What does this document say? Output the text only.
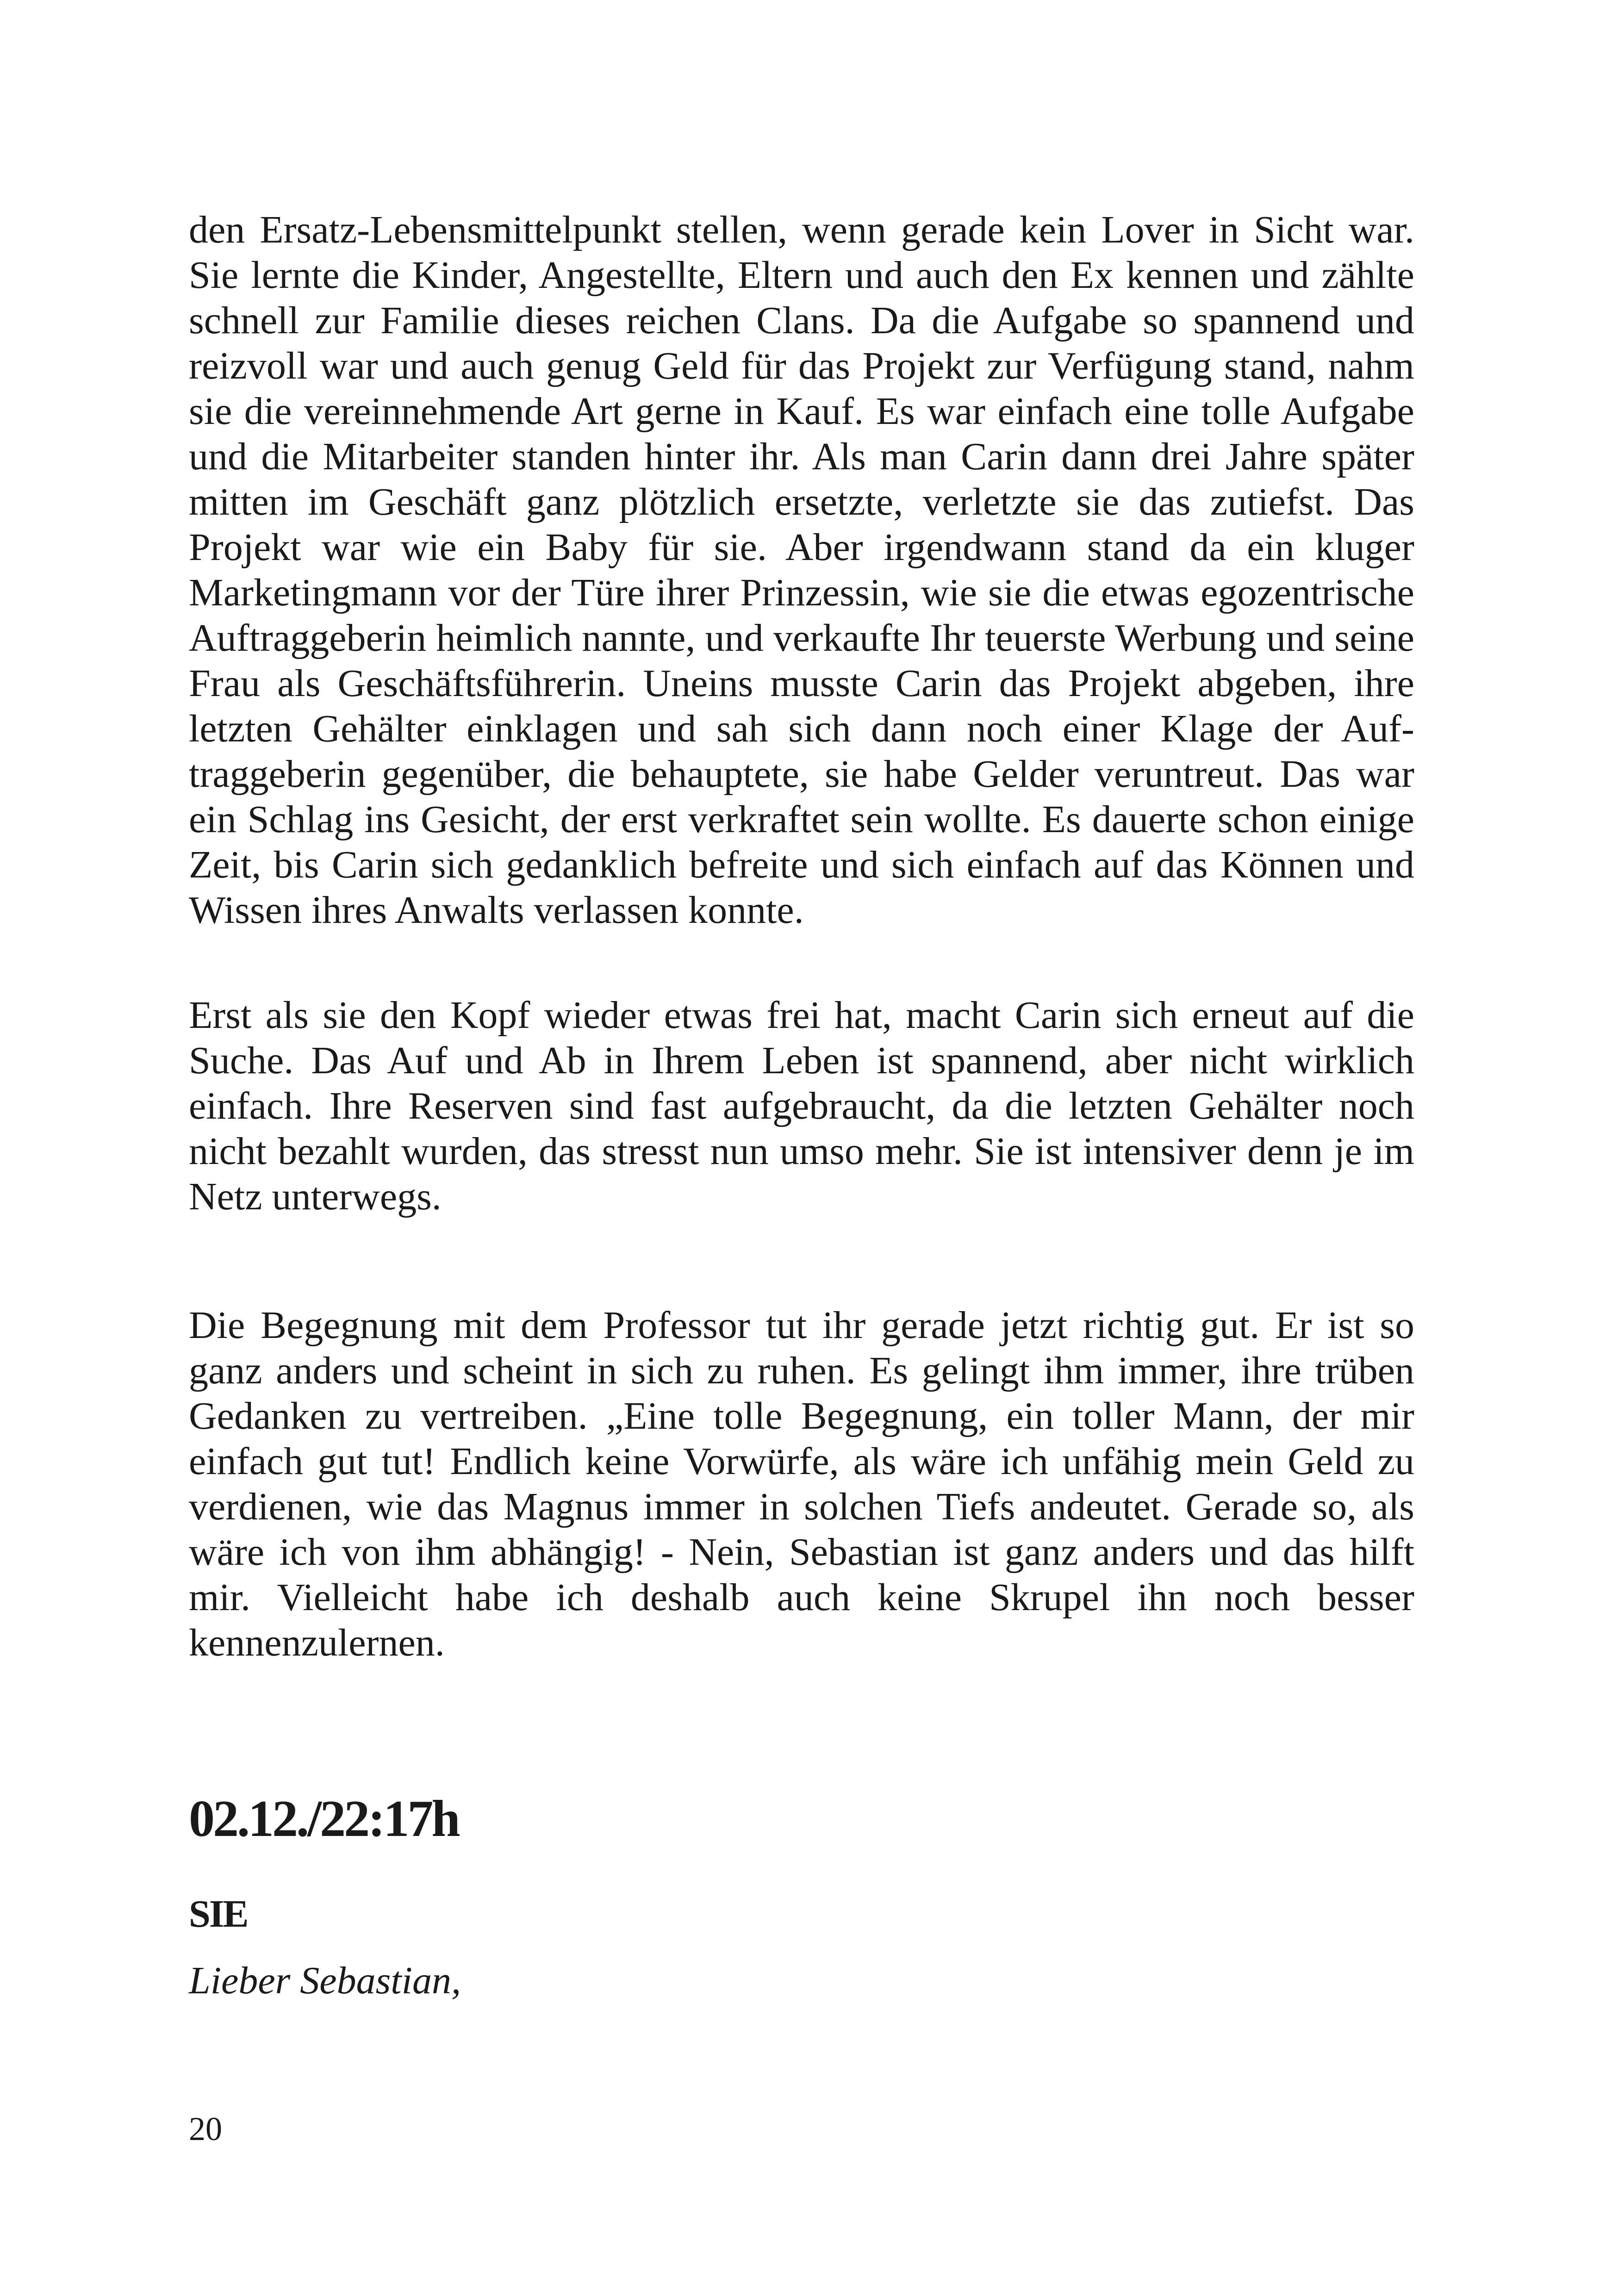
den Ersatz-Lebensmittelpunkt stellen, wenn gerade kein Lover in Sicht war. Sie lernte die Kinder, Angestellte, Eltern und auch den Ex kennen und zählte schnell zur Familie dieses reichen Clans. Da die Aufgabe so spannend und reizvoll war und auch genug Geld für das Projekt zur Verfügung stand, nahm sie die vereinnehmende Art gerne in Kauf. Es war einfach eine tolle Aufgabe und die Mitarbeiter standen hinter ihr. Als man Carin dann drei Jahre später mitten im Geschäft ganz plötzlich ersetzte, verletzte sie das zutiefst. Das Projekt war wie ein Baby für sie. Aber irgendwann stand da ein kluger Marketingmann vor der Türe ihrer Prinzessin, wie sie die etwas egozentrische Auftraggeberin heimlich nannte, und verkaufte Ihr teuerste Werbung und seine Frau als Geschäftsführerin. Uneins musste Carin das Projekt abgeben, ihre letzten Gehälter einklagen und sah sich dann noch einer Klage der Auftraggeberin gegenüber, die behauptete, sie habe Gelder veruntreut. Das war ein Schlag ins Gesicht, der erst verkraftet sein wollte. Es dauerte schon einige Zeit, bis Carin sich gedanklich befreite und sich einfach auf das Können und Wissen ihres Anwalts verlassen konnte.

Erst als sie den Kopf wieder etwas frei hat, macht Carin sich erneut auf die Suche. Das Auf und Ab in Ihrem Leben ist spannend, aber nicht wirklich einfach. Ihre Reserven sind fast aufgebraucht, da die letzten Gehälter noch nicht bezahlt wurden, das stresst nun umso mehr. Sie ist intensiver denn je im Netz unterwegs.

Die Begegnung mit dem Professor tut ihr gerade jetzt richtig gut. Er ist so ganz anders und scheint in sich zu ruhen. Es gelingt ihm immer, ihre trüben Gedanken zu vertreiben. „Eine tolle Begegnung, ein toller Mann, der mir einfach gut tut! Endlich keine Vorwürfe, als wäre ich unfähig mein Geld zu verdienen, wie das Magnus immer in solchen Tiefs andeutet. Gerade so, als wäre ich von ihm abhängig! - Nein, Sebastian ist ganz anders und das hilft mir. Vielleicht habe ich deshalb auch keine Skrupel ihn noch besser kennenzulernen.

02.12./22:17h
SIE
Lieber Sebastian,
20
